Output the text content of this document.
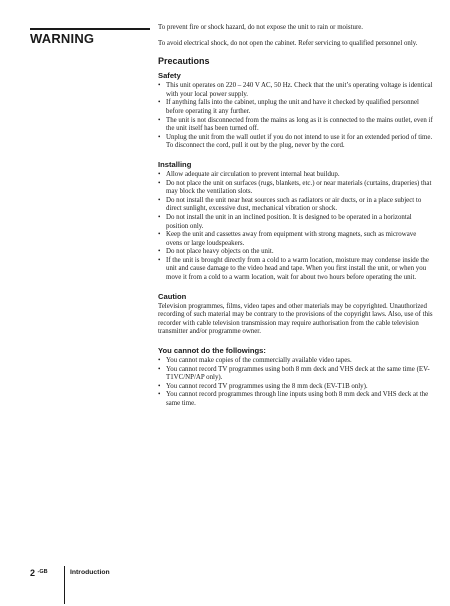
WARNING

To prevent fire or shock hazard, do not expose the unit to rain or moisture.

To avoid electrical shock, do not open the cabinet. Refer servicing to qualified personnel only.

Precautions
Safety
• This unit operates on 220 – 240 V AC, 50 Hz. Check that the unit’s operating voltage is identical with your local power supply.
• If anything falls into the cabinet, unplug the unit and have it checked by qualified personnel before operating it any further.
• The unit is not disconnected from the mains as long as it is connected to the mains outlet, even if the unit itself has been turned off.
• Unplug the unit from the wall outlet if you do not intend to use it for an extended period of time. To disconnect the cord, pull it out by the plug, never by the cord.
Installing
• Allow adequate air circulation to prevent internal heat buildup.
• Do not place the unit on surfaces (rugs, blankets, etc.) or near materials (curtains, draperies) that may block the ventilation slots.
• Do not install the unit near heat sources such as radiators or air ducts, or in a place subject to direct sunlight, excessive dust, mechanical vibration or shock.
• Do not install the unit in an inclined position. It is designed to be operated in a horizontal position only.
• Keep the unit and cassettes away from equipment with strong magnets, such as microwave ovens or large loudspeakers.
• Do not place heavy objects on the unit.
• If the unit is brought directly from a cold to a warm location, moisture may condense inside the unit and cause damage to the video head and tape. When you first install the unit, or when you move it from a cold to a warm location, wait for about two hours before operating the unit.
Caution

Television programmes, films, video tapes and other materials may be copyrighted. Unauthorized recording of such material may be contrary to the provisions of the copyright laws. Also, use of this recorder with cable television transmission may require authorisation from the cable television transmitter and/or programme owner.

You cannot do the followings:
• You cannot make copies of the commercially available video tapes.
• You cannot record TV programmes using both 8 mm deck and VHS deck at the same time (EV-T1VC/NP/AP only).
• You cannot record TV programmes using the 8 mm deck (EV-T1B only).
• You cannot record programmes through line inputs using both 8 mm deck and VHS deck at the same time.
2 $^{-GB}$	Introduction
